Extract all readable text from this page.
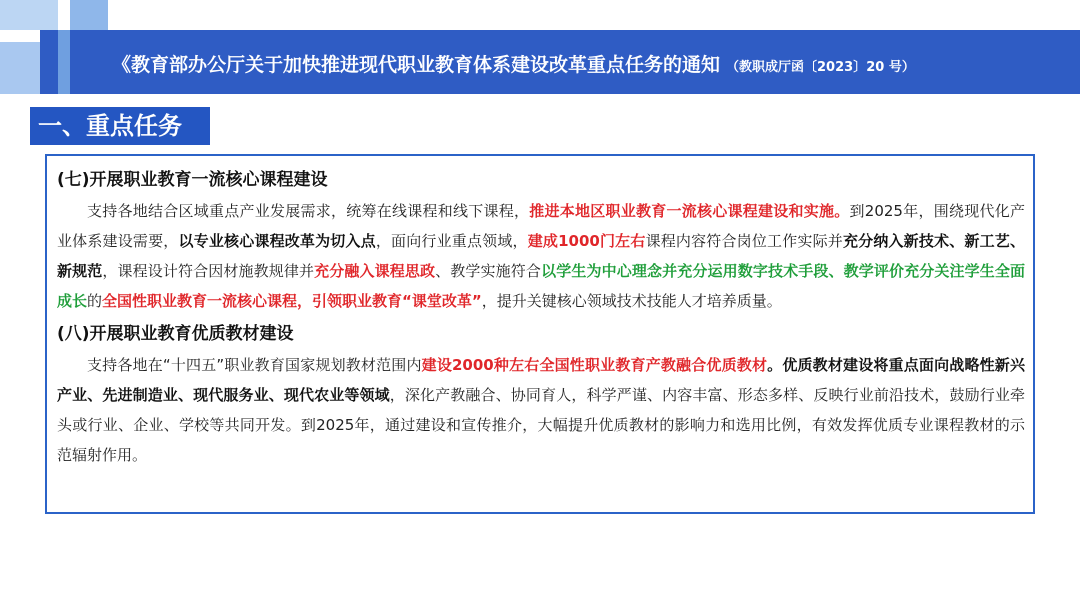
《教育部办公厅关于加快推进现代职业教育体系建设改革重点任务的通知 （教职成厅函〔2023〕20 号）
一、重点任务
(七)开展职业教育一流核心课程建设

支持各地结合区域重点产业发展需求，统筹在线课程和线下课程，推进本地区职业教育一流核心课程建设和实施。到2025年，围绕现代化产业体系建设需要，以专业核心课程改革为切入点，面向行业重点领域，建成1000门左右课程内容符合岗位工作实际并充分纳入新技术、新工艺、新规范，课程设计符合因材施教规律并充分融入课程思政、教学实施符合以学生为中心理念并充分运用数字技术手段、教学评价充分关注学生全面成长的全国性职业教育一流核心课程，引领职业教育“课堂改革”，提升关键核心领域技术技能人才培养质量。

(八)开展职业教育优质教材建设

支持各地在“十四五”职业教育国家规划教材范围内建设2000种左右全国性职业教育产教融合优质教材。优质教材建设将重点面向战略性新兴产业、先进制造业、现代服务业、现代农业等领域，深化产教融合、协同育人，科学严谨、内容丰富、形态多样、反映行业前沿技术，鼓励行业牵头或行业、企业、学校等共同开发。到2025年，通过建设和宣传推介，大幅提升优质教材的影响力和选用比例，有效发挥优质专业课程教材的示范辐射作用。
